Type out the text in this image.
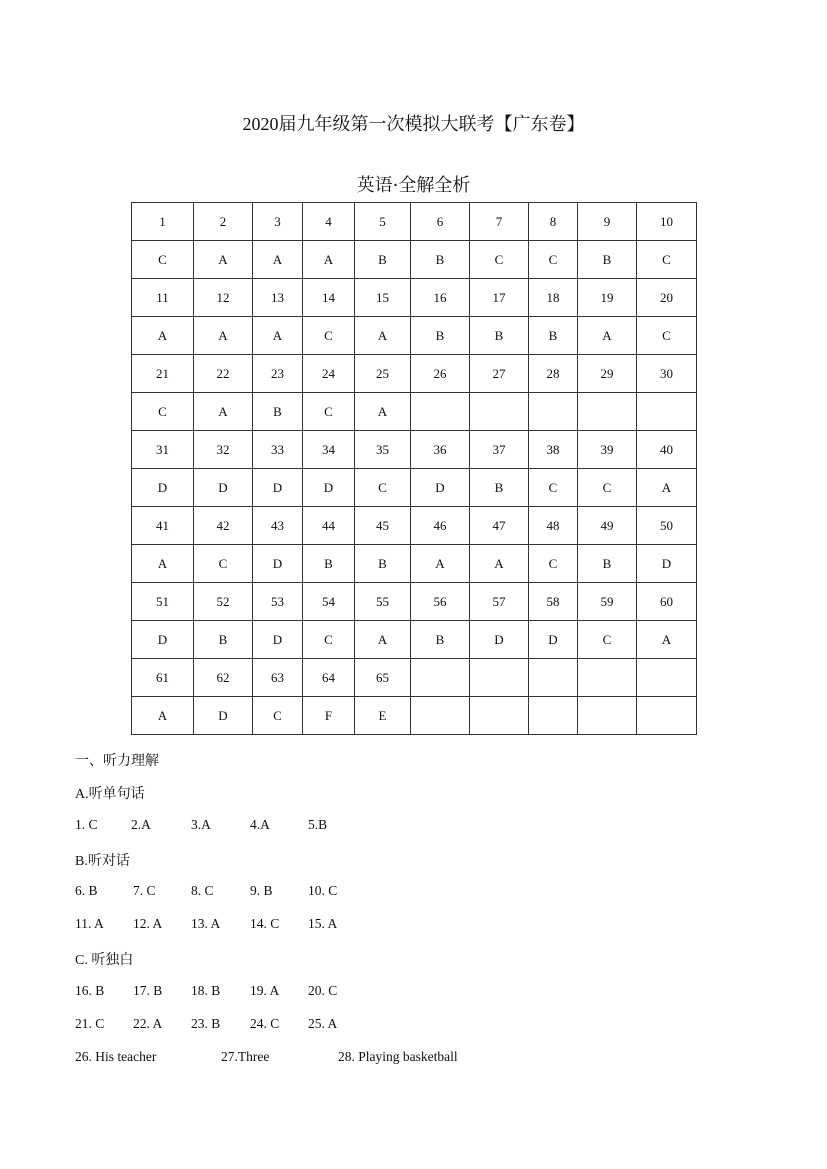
2020届九年级第一次模拟大联考【广东卷】
英语·全解全析
1	2	3	4	5	6	7	8	9	10
C	A	A	A	B	B	C	C	B	C
11	12	13	14	15	16	17	18	19	20
A	A	A	C	A	B	B	B	A	C
21	22	23	24	25	26	27	28	29	30
C	A	B	C	A					
31	32	33	34	35	36	37	38	39	40
D	D	D	D	C	D	B	C	C	A
41	42	43	44	45	46	47	48	49	50
A	C	D	B	B	A	A	C	B	D
51	52	53	54	55	56	57	58	59	60
D	B	D	C	A	B	D	D	C	A
61	62	63	64	65					
A	D	C	F	E					
一、听力理解
A.听单句话
1. C 2.A	3.A	4.A	5.B
B.听对话
6. B	7. C	8. C	9. B	10. C
11. A 12. A 13. A 14. C 15. A
C. 听独白
16. B 17. B 18. B 19. A 20. C
21. C 22. A 23. B 24. C 25. A
26. His teacher	27.Three	28. Playing basketball
